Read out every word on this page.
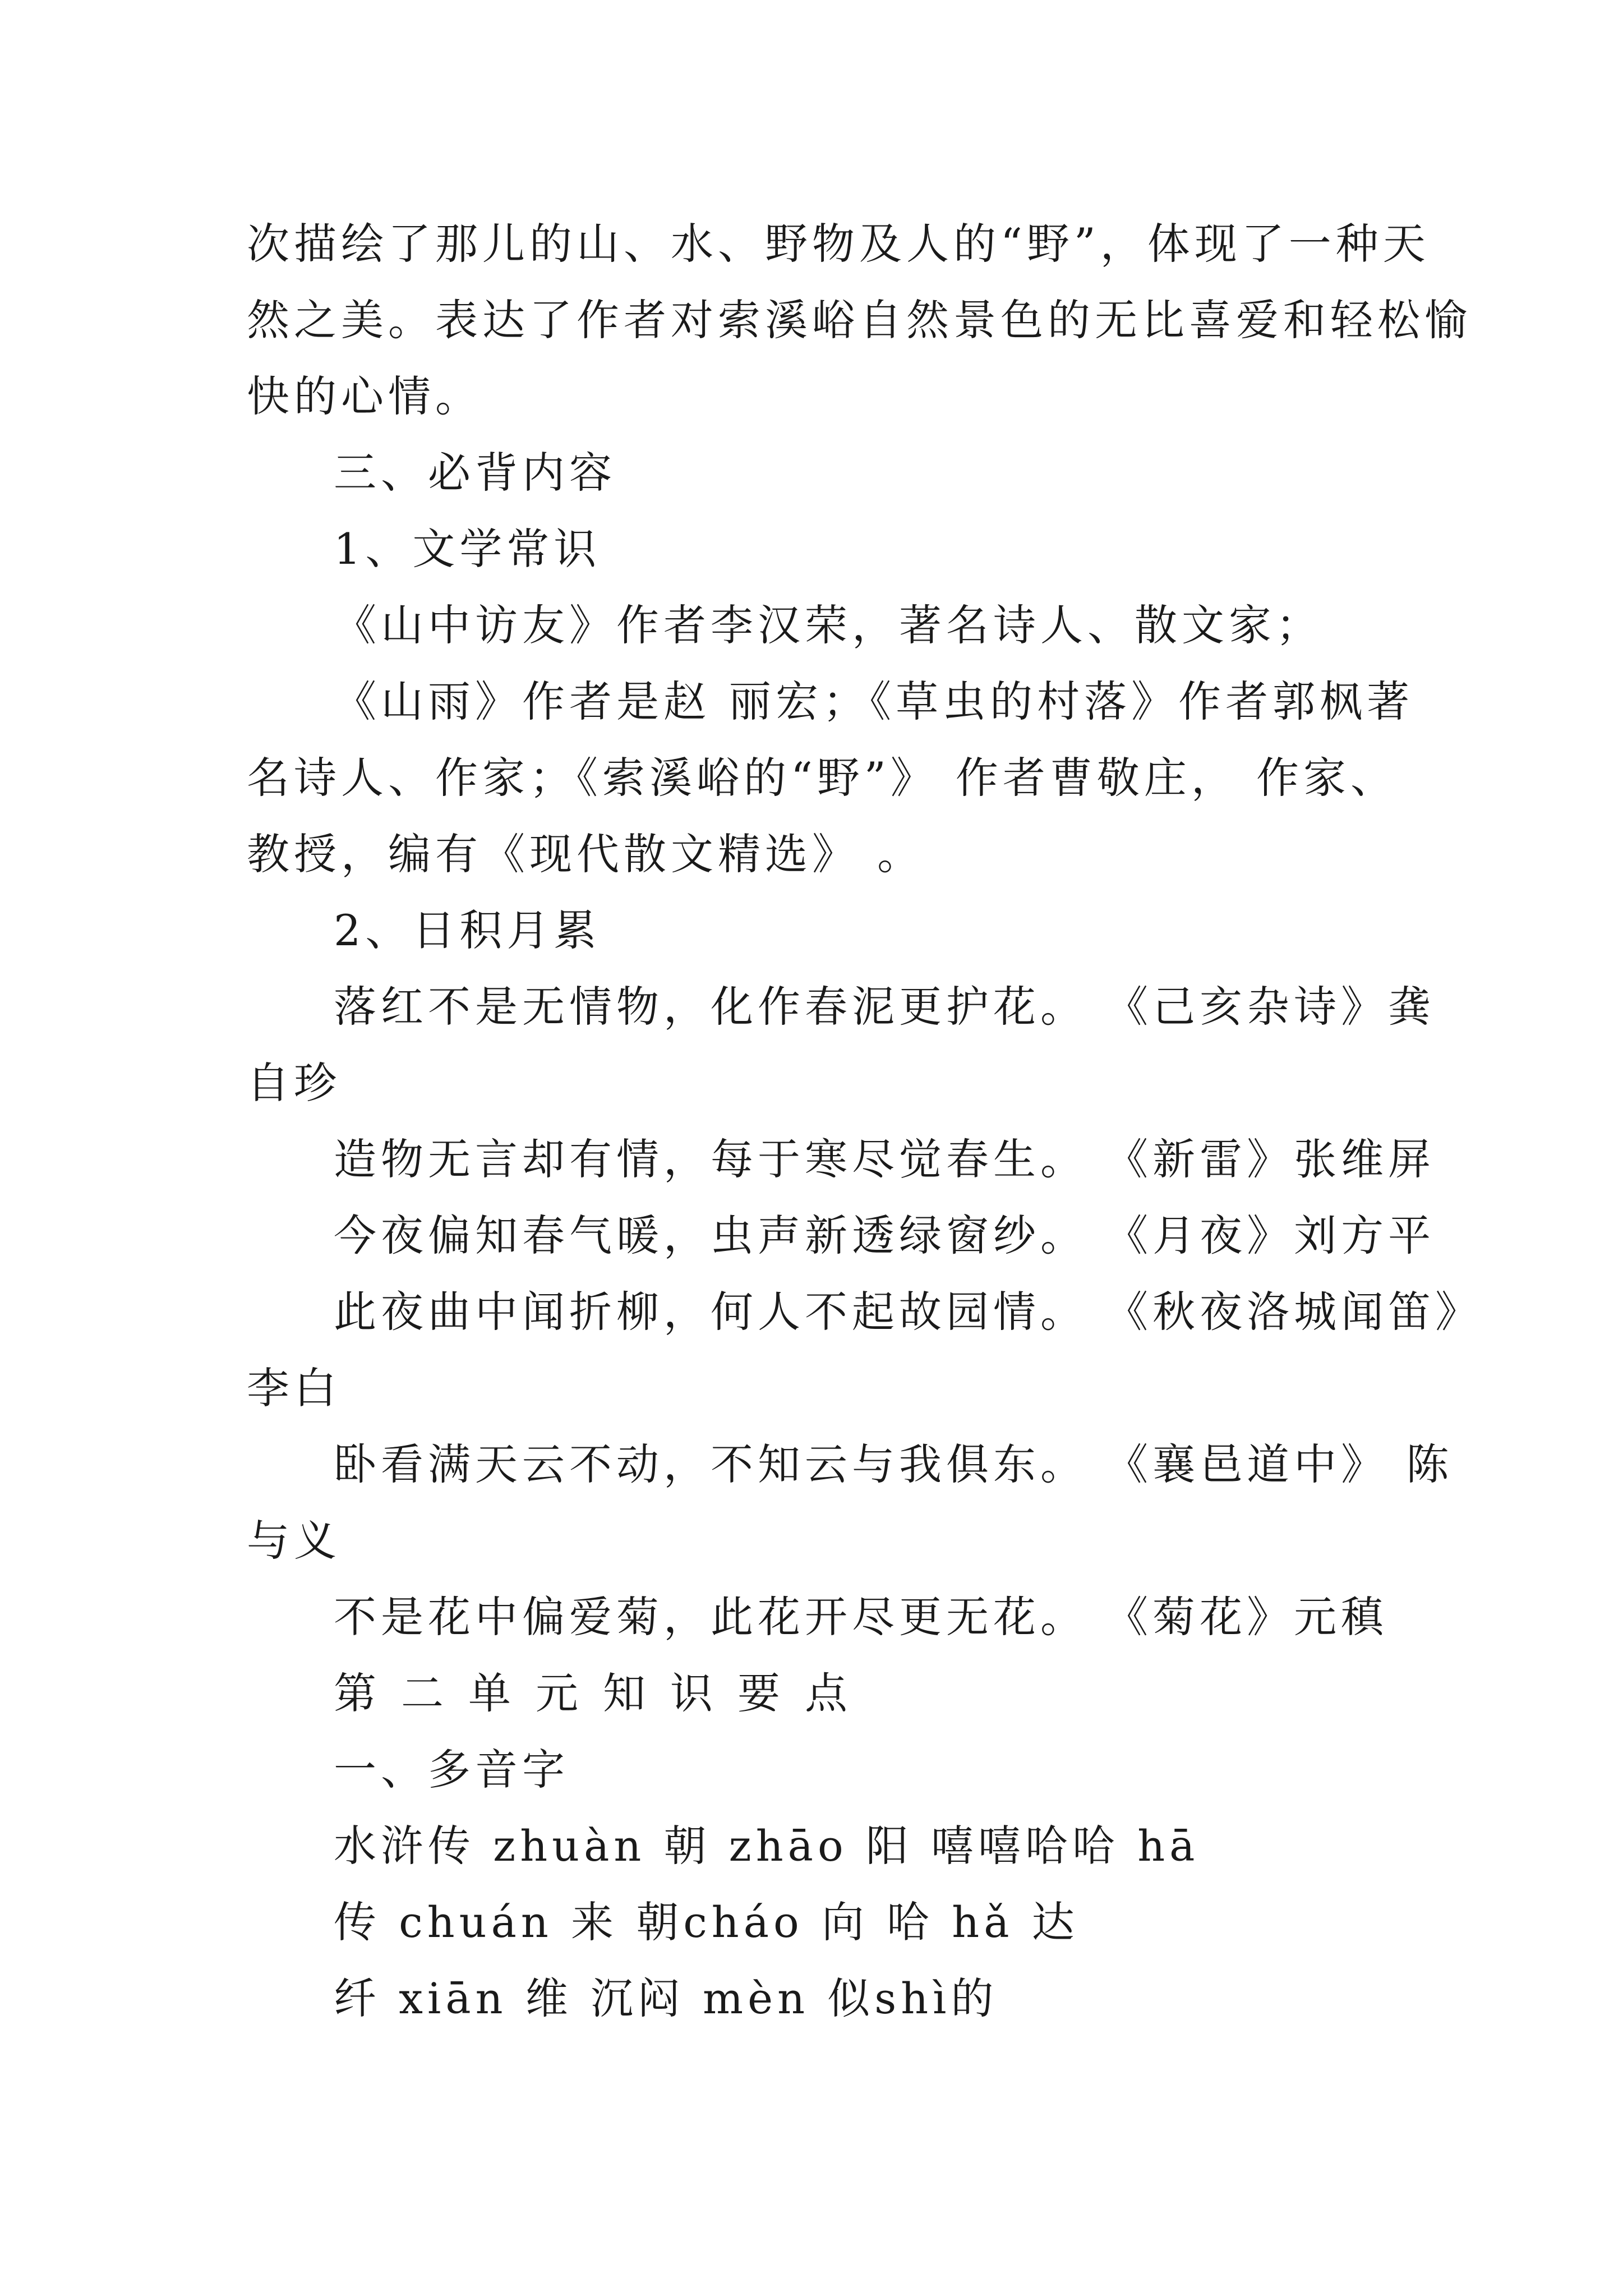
次描绘了那儿的山、水、野物及人的“野”，体现了一种天
然之美。表达了作者对索溪峪自然景色的无比喜爱和轻松愉
快的心情。
三、必背内容
1、文学常识
《山中访友》作者李汉荣，著名诗人、散文家；
《山雨》作者是赵 丽宏；《草虫的村落》作者郭枫著
名诗人、作家；《索溪峪的“野”》 作者曹敬庄， 作家、
教授，编有《现代散文精选》 。
2、日积月累
落红不是无情物，化作春泥更护花。 《己亥杂诗》龚
自珍
造物无言却有情，每于寒尽觉春生。 《新雷》张维屏
今夜偏知春气暖，虫声新透绿窗纱。 《月夜》刘方平
此夜曲中闻折柳，何人不起故园情。 《秋夜洛城闻笛》
李白
卧看满天云不动，不知云与我俱东。 《襄邑道中》 陈
与义
不是花中偏爱菊，此花开尽更无花。 《菊花》元稹
第二单元知识要点
一、多音字
水浒传 zhuàn 朝 zhāo 阳 嘻嘻哈哈 hā
传 chuán 来 朝cháo 向 哈 hǎ 达
纤 xiān 维 沉闷 mèn 似shì的
